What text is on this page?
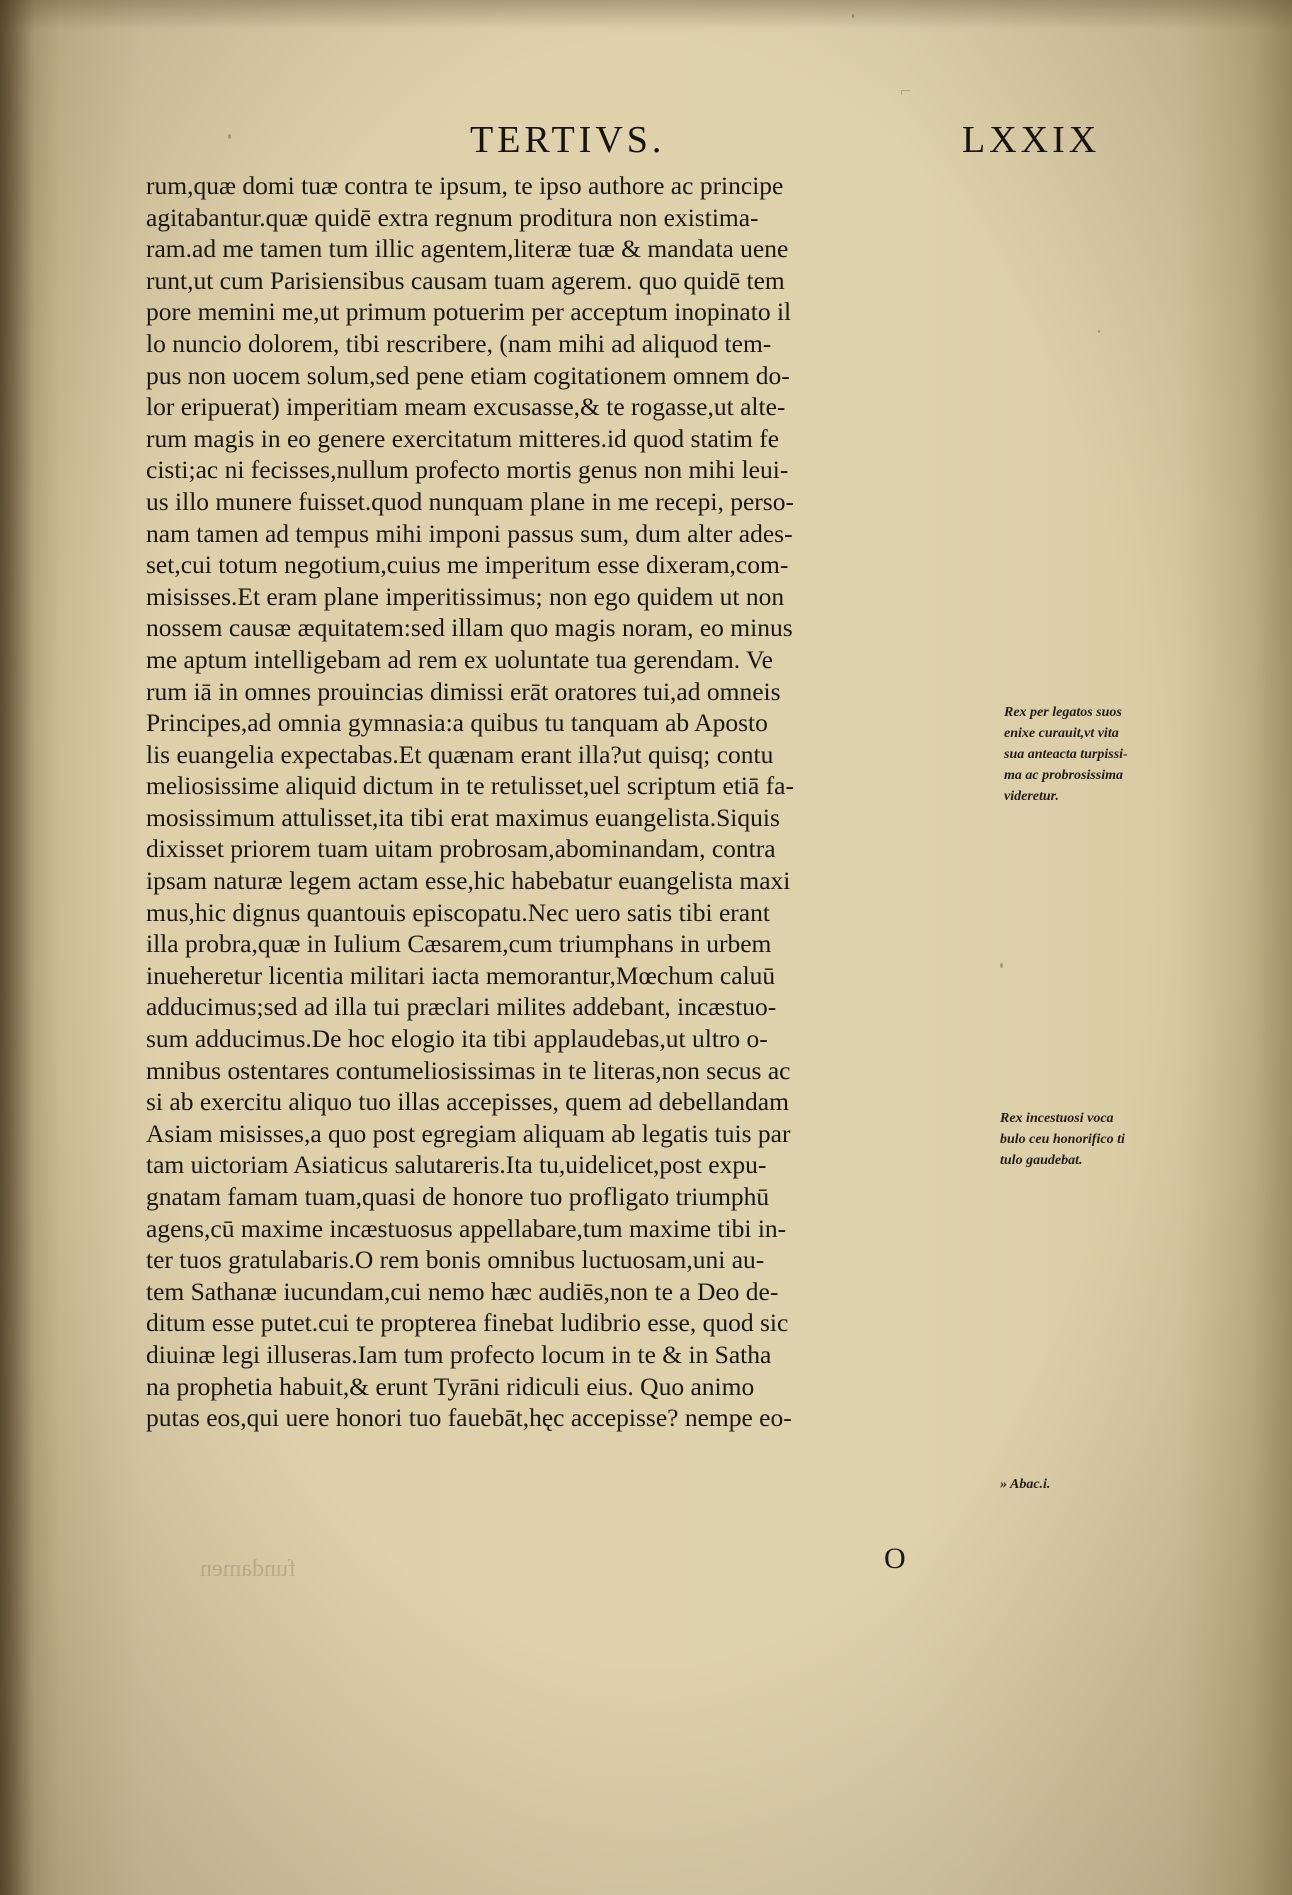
⌐
TERTIVS.	LXXIX
rum,quæ domi tuæ contra te ipsum, te ipso authore ac principe
agitabantur.quæ quidē extra regnum proditura non existima-
ram.ad me tamen tum illic agentem,literæ tuæ & mandata uene
runt,ut cum Parisiensibus causam tuam agerem. quo quidē tem
pore memini me,ut primum potuerim per acceptum inopinato il
lo nuncio dolorem, tibi rescribere, (nam mihi ad aliquod tem-
pus non uocem solum,sed pene etiam cogitationem omnem do-
lor eripuerat) imperitiam meam excusasse,& te rogasse,ut alte-
rum magis in eo genere exercitatum mitteres.id quod statim fe
cisti;ac ni fecisses,nullum profecto mortis genus non mihi leui-
us illo munere fuisset.quod nunquam plane in me recepi, perso-
nam tamen ad tempus mihi imponi passus sum, dum alter ades-
set,cui totum negotium,cuius me imperitum esse dixeram,com-
misisses.Et eram plane imperitissimus; non ego quidem ut non
nossem causæ æquitatem:sed illam quo magis noram, eo minus
me aptum intelligebam ad rem ex uoluntate tua gerendam. Ve
rum iā in omnes prouincias dimissi erāt oratores tui,ad omneis
Principes,ad omnia gymnasia:a quibus tu tanquam ab Aposto
lis euangelia expectabas.Et quænam erant illa?ut quisq; contu
meliosissime aliquid dictum in te retulisset,uel scriptum etiā fa-
mosissimum attulisset,ita tibi erat maximus euangelista.Siquis
dixisset priorem tuam uitam probrosam,abominandam, contra
ipsam naturæ legem actam esse,hic habebatur euangelista maxi
mus,hic dignus quantouis episcopatu.Nec uero satis tibi erant
illa probra,quæ in Iulium Cæsarem,cum triumphans in urbem
inueheretur licentia militari iacta memorantur,Mœchum caluū
adducimus;sed ad illa tui præclari milites addebant, incæstuo-
sum adducimus.De hoc elogio ita tibi applaudebas,ut ultro o-
mnibus ostentares contumeliosissimas in te literas,non secus ac
si ab exercitu aliquo tuo illas accepisses, quem ad debellandam
Asiam misisses,a quo post egregiam aliquam ab legatis tuis par
tam uictoriam Asiaticus salutareris.Ita tu,uidelicet,post expu-
gnatam famam tuam,quasi de honore tuo profligato triumphū
agens,cū maxime incæstuosus appellabare,tum maxime tibi in-
ter tuos gratulabaris.O rem bonis omnibus luctuosam,uni au-
tem Sathanæ iucundam,cui nemo hæc audiēs,non te a Deo de-
ditum esse putet.cui te propterea finebat ludibrio esse, quod sic
diuinæ legi illuseras.Iam tum profecto locum in te & in Satha
na prophetia habuit,& erunt Tyrāni ridiculi eius. Quo animo
putas eos,qui uere honori tuo fauebāt,hęc accepisse? nempe eo-
Rex per legatos suos
enixe curauit,vt vita
sua anteacta turpissi-
ma ac probrosissima
videretur.
Rex incestuosi voca
bulo ceu honorifico ti
tulo gaudebat.
» Abac.i.
O
fundamen
